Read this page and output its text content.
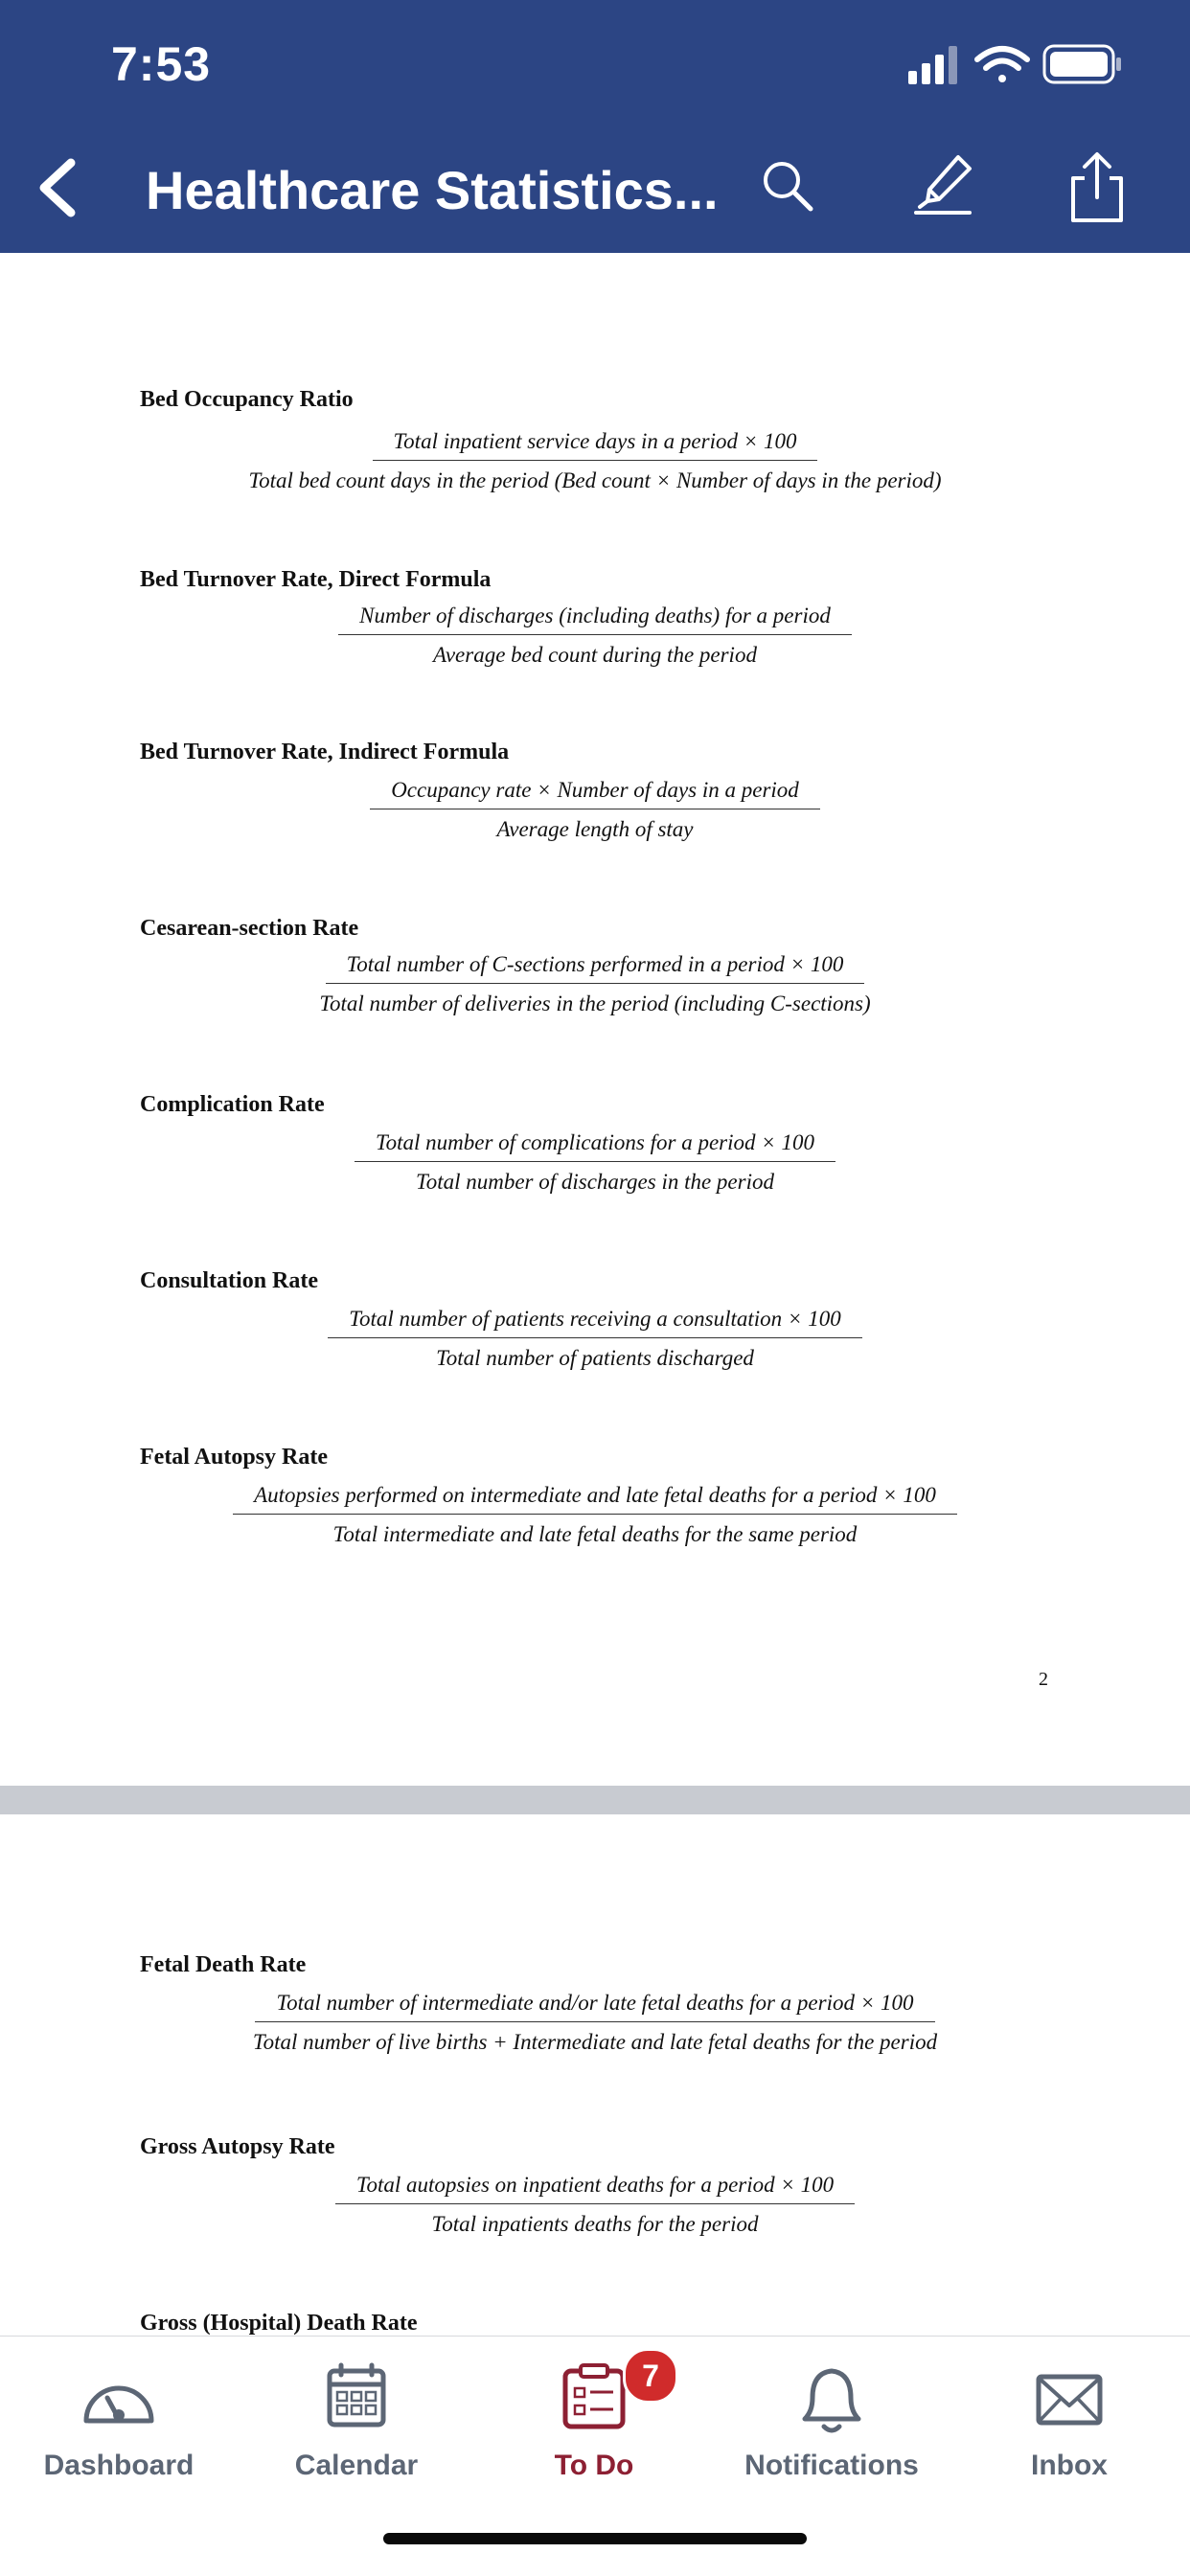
7:53
Healthcare Statistics...
Bed Occupancy Ratio
Total inpatient service days in a period × 100
Total bed count days in the period (Bed count × Number of days in the period)
Bed Turnover Rate, Direct Formula
Number of discharges (including deaths) for a period
Average bed count during the period
Bed Turnover Rate, Indirect Formula
Occupancy rate × Number of days in a period
Average length of stay
Cesarean-section Rate
Total number of C-sections performed in a period × 100
Total number of deliveries in the period (including C-sections)
Complication Rate
Total number of complications for a period × 100
Total number of discharges in the period
Consultation Rate
Total number of patients receiving a consultation × 100
Total number of patients discharged
Fetal Autopsy Rate
Autopsies performed on intermediate and late fetal deaths for a period × 100
Total intermediate and late fetal deaths for the same period
2
Fetal Death Rate
Total number of intermediate and/or late fetal deaths for a period × 100
Total number of live births + Intermediate and late fetal deaths for the period
Gross Autopsy Rate
Total autopsies on inpatient deaths for a period × 100
Total inpatients deaths for the period
Gross (Hospital) Death Rate
Dashboard	Calendar	To Do
7
Notifications	Inbox
